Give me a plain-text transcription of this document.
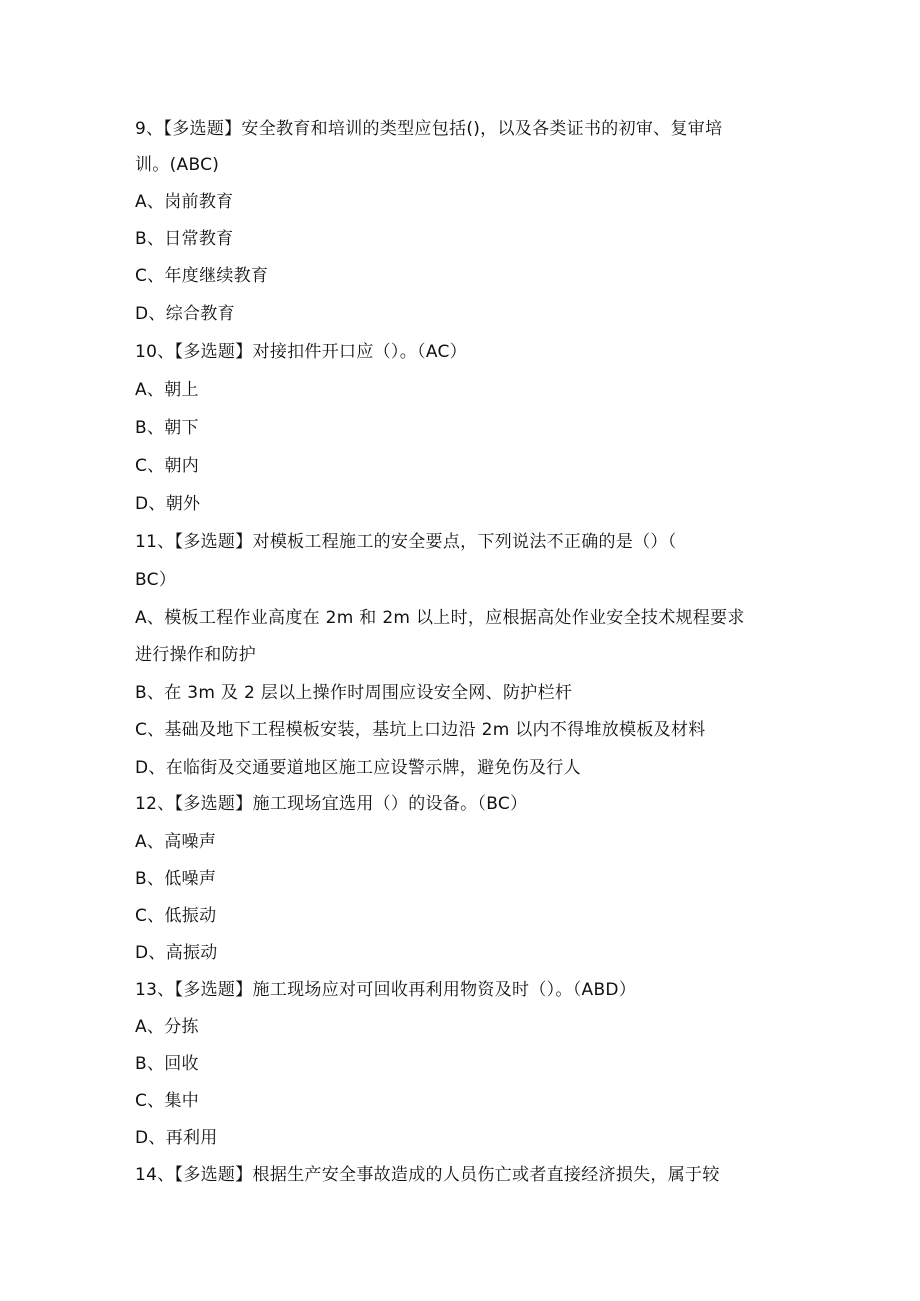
9、【多选题】安全教育和培训的类型应包括()，以及各类证书的初审、复审培
训。(ABC)
A、岗前教育
B、日常教育
C、年度继续教育
D、综合教育
10、【多选题】对接扣件开口应（）。（AC）
A、朝上
B、朝下
C、朝内
D、朝外
11、【多选题】对模板工程施工的安全要点，下列说法不正确的是（）（
BC）
A、模板工程作业高度在 2m 和 2m 以上时，应根据高处作业安全技术规程要求
进行操作和防护
B、在 3m 及 2 层以上操作时周围应设安全网、防护栏杆
C、基础及地下工程模板安装，基坑上口边沿 2m 以内不得堆放模板及材料
D、在临街及交通要道地区施工应设警示牌，避免伤及行人
12、【多选题】施工现场宜选用（）的设备。（BC）
A、高噪声
B、低噪声
C、低振动
D、高振动
13、【多选题】施工现场应对可回收再利用物资及时（）。（ABD）
A、分拣
B、回收
C、集中
D、再利用
14、【多选题】根据生产安全事故造成的人员伤亡或者直接经济损失，属于较
